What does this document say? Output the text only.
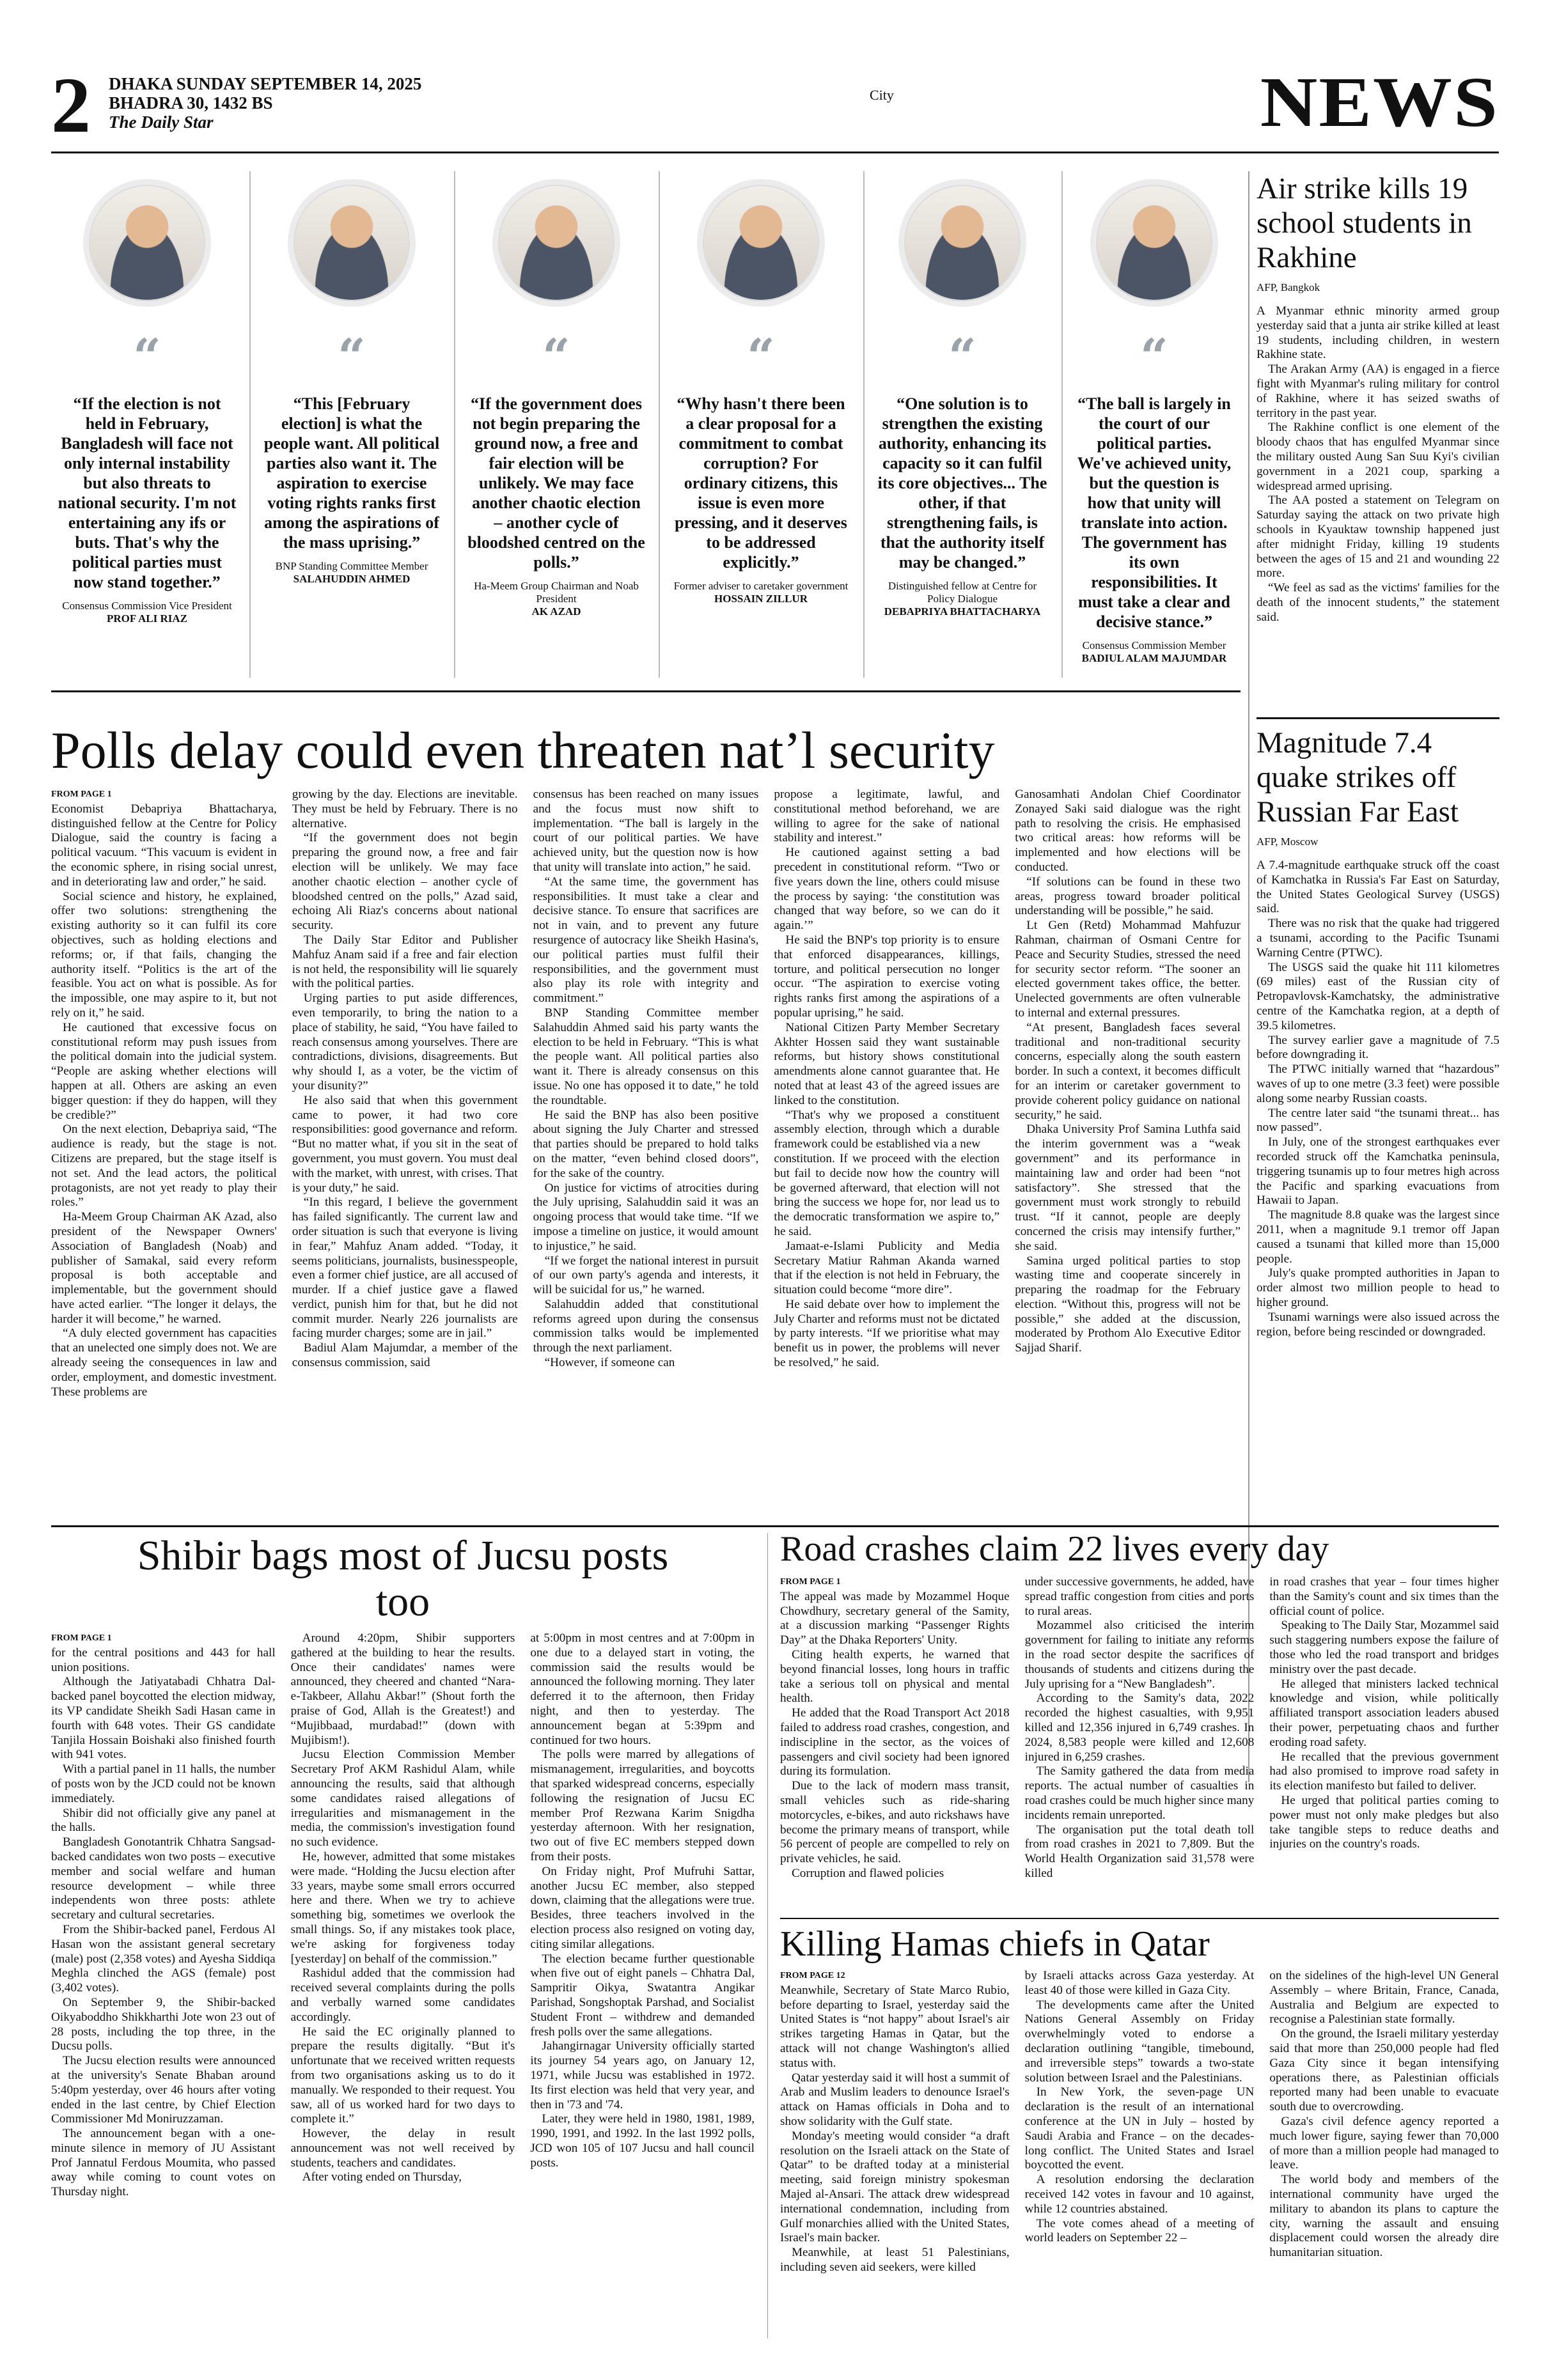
2 DHAKA SUNDAY SEPTEMBER 14, 2025
BHADRA 30, 1432 BS
The Daily Star
City	NEWS
“
“If the election is not held in February, Bangladesh will face not only internal instability but also threats to national security. I'm not entertaining any ifs or buts. That's why the political parties must now stand together.”
Consensus Commission Vice President
PROF ALI RIAZ
“
“This [February election] is what the people want. All political parties also want it. The aspiration to exercise voting rights ranks first among the aspirations of the mass uprising.”
BNP Standing Committee Member
SALAHUDDIN AHMED
“
“If the government does not begin preparing the ground now, a free and fair election will be unlikely. We may face another chaotic election – another cycle of bloodshed centred on the polls.”
Ha-Meem Group Chairman and Noab President
AK AZAD
“
“Why hasn't there been a clear proposal for a commitment to combat corruption? For ordinary citizens, this issue is even more pressing, and it deserves to be addressed explicitly.”
Former adviser to caretaker government
HOSSAIN ZILLUR
“
“One solution is to strengthen the existing authority, enhancing its capacity so it can fulfil its core objectives... The other, if that strengthening fails, is that the authority itself may be changed.”
Distinguished fellow at Centre for Policy Dialogue
DEBAPRIYA BHATTACHARYA
“
“The ball is largely in the court of our political parties. We've achieved unity, but the question is how that unity will translate into action. The government has its own responsibilities. It must take a clear and decisive stance.”
Consensus Commission Member
BADIUL ALAM MAJUMDAR
Air strike kills 19 school students in Rakhine
AFP, Bangkok

A Myanmar ethnic minority armed group yesterday said that a junta air strike killed at least 19 students, including children, in western Rakhine state.

The Arakan Army (AA) is engaged in a fierce fight with Myanmar's ruling military for control of Rakhine, where it has seized swaths of territory in the past year.

The Rakhine conflict is one element of the bloody chaos that has engulfed Myanmar since the military ousted Aung San Suu Kyi's civilian government in a 2021 coup, sparking a widespread armed uprising.

The AA posted a statement on Telegram on Saturday saying the attack on two private high schools in Kyauktaw township happened just after midnight Friday, killing 19 students between the ages of 15 and 21 and wounding 22 more.

“We feel as sad as the victims' families for the death of the innocent students,” the statement said.

Magnitude 7.4 quake strikes off Russian Far East
AFP, Moscow

A 7.4-magnitude earthquake struck off the coast of Kamchatka in Russia's Far East on Saturday, the United States Geological Survey (USGS) said.

There was no risk that the quake had triggered a tsunami, according to the Pacific Tsunami Warning Centre (PTWC).

The USGS said the quake hit 111 kilometres (69 miles) east of the Russian city of Petropavlovsk-Kamchatsky, the administrative centre of the Kamchatka region, at a depth of 39.5 kilometres.

The survey earlier gave a magnitude of 7.5 before downgrading it.

The PTWC initially warned that “hazardous” waves of up to one metre (3.3 feet) were possible along some nearby Russian coasts.

The centre later said “the tsunami threat... has now passed”.

In July, one of the strongest earthquakes ever recorded struck off the Kamchatka peninsula, triggering tsunamis up to four metres high across the Pacific and sparking evacuations from Hawaii to Japan.

The magnitude 8.8 quake was the largest since 2011, when a magnitude 9.1 tremor off Japan caused a tsunami that killed more than 15,000 people.

July's quake prompted authorities in Japan to order almost two million people to head to higher ground.

Tsunami warnings were also issued across the region, before being rescinded or downgraded.

Polls delay could even threaten nat’l security
FROM PAGE 1

Economist Debapriya Bhattacharya, distinguished fellow at the Centre for Policy Dialogue, said the country is facing a political vacuum. “This vacuum is evident in the economic sphere, in rising social unrest, and in deteriorating law and order,” he said.

Social science and history, he explained, offer two solutions: strengthening the existing authority so it can fulfil its core objectives, such as holding elections and reforms; or, if that fails, changing the authority itself. “Politics is the art of the feasible. You act on what is possible. As for the impossible, one may aspire to it, but not rely on it,” he said.

He cautioned that excessive focus on constitutional reform may push issues from the political domain into the judicial system. “People are asking whether elections will happen at all. Others are asking an even bigger question: if they do happen, will they be credible?”

On the next election, Debapriya said, “The audience is ready, but the stage is not. Citizens are prepared, but the stage itself is not set. And the lead actors, the political protagonists, are not yet ready to play their roles.”

Ha-Meem Group Chairman AK Azad, also president of the Newspaper Owners' Association of Bangladesh (Noab) and publisher of Samakal, said every reform proposal is both acceptable and implementable, but the government should have acted earlier. “The longer it delays, the harder it will become,” he warned.

“A duly elected government has capacities that an unelected one simply does not. We are already seeing the consequences in law and order, employment, and domestic investment. These problems are

growing by the day. Elections are inevitable. They must be held by February. There is no alternative.

“If the government does not begin preparing the ground now, a free and fair election will be unlikely. We may face another chaotic election – another cycle of bloodshed centred on the polls,” Azad said, echoing Ali Riaz's concerns about national security.

The Daily Star Editor and Publisher Mahfuz Anam said if a free and fair election is not held, the responsibility will lie squarely with the political parties.

Urging parties to put aside differences, even temporarily, to bring the nation to a place of stability, he said, “You have failed to reach consensus among yourselves. There are contradictions, divisions, disagreements. But why should I, as a voter, be the victim of your disunity?”

He also said that when this government came to power, it had two core responsibilities: good governance and reform. “But no matter what, if you sit in the seat of government, you must govern. You must deal with the market, with unrest, with crises. That is your duty,” he said.

“In this regard, I believe the government has failed significantly. The current law and order situation is such that everyone is living in fear,” Mahfuz Anam added. “Today, it seems politicians, journalists, businesspeople, even a former chief justice, are all accused of murder. If a chief justice gave a flawed verdict, punish him for that, but he did not commit murder. Nearly 226 journalists are facing murder charges; some are in jail.”

Badiul Alam Majumdar, a member of the consensus commission, said

consensus has been reached on many issues and the focus must now shift to implementation. “The ball is largely in the court of our political parties. We have achieved unity, but the question now is how that unity will translate into action,” he said.

“At the same time, the government has responsibilities. It must take a clear and decisive stance. To ensure that sacrifices are not in vain, and to prevent any future resurgence of autocracy like Sheikh Hasina's, our political parties must fulfil their responsibilities, and the government must also play its role with integrity and commitment.”

BNP Standing Committee member Salahuddin Ahmed said his party wants the election to be held in February. “This is what the people want. All political parties also want it. There is already consensus on this issue. No one has opposed it to date,” he told the roundtable.

He said the BNP has also been positive about signing the July Charter and stressed that parties should be prepared to hold talks on the matter, “even behind closed doors”, for the sake of the country.

On justice for victims of atrocities during the July uprising, Salahuddin said it was an ongoing process that would take time. “If we impose a timeline on justice, it would amount to injustice,” he said.

“If we forget the national interest in pursuit of our own party's agenda and interests, it will be suicidal for us,” he warned.

Salahuddin added that constitutional reforms agreed upon during the consensus commission talks would be implemented through the next parliament.

“However, if someone can

propose a legitimate, lawful, and constitutional method beforehand, we are willing to agree for the sake of national stability and interest.”

He cautioned against setting a bad precedent in constitutional reform. “Two or five years down the line, others could misuse the process by saying: ‘the constitution was changed that way before, so we can do it again.’”

He said the BNP's top priority is to ensure that enforced disappearances, killings, torture, and political persecution no longer occur. “The aspiration to exercise voting rights ranks first among the aspirations of a popular uprising,” he said.

National Citizen Party Member Secretary Akhter Hossen said they want sustainable reforms, but history shows constitutional amendments alone cannot guarantee that. He noted that at least 43 of the agreed issues are linked to the constitution.

“That's why we proposed a constituent assembly election, through which a durable framework could be established via a new

constitution. If we proceed with the election but fail to decide now how the country will be governed afterward, that election will not bring the success we hope for, nor lead us to the democratic transformation we aspire to,” he said.

Jamaat-e-Islami Publicity and Media Secretary Matiur Rahman Akanda warned that if the election is not held in February, the situation could become “more dire”.

He said debate over how to implement the July Charter and reforms must not be dictated by party interests. “If we prioritise what may benefit us in power, the problems will never be resolved,” he said.

Ganosamhati Andolan Chief Coordinator Zonayed Saki said dialogue was the right path to resolving the crisis. He emphasised two critical areas: how reforms will be implemented and how elections will be conducted.

“If solutions can be found in these two areas, progress toward broader political understanding will be possible,” he said.

Lt Gen (Retd) Mohammad Mahfuzur Rahman, chairman of Osmani Centre for Peace and Security Studies, stressed the need for security sector reform. “The sooner an elected government takes office, the better. Unelected governments are often vulnerable to internal and external pressures.

“At present, Bangladesh faces several traditional and non-traditional security concerns, especially along the south eastern border. In such a context, it becomes difficult for an interim or caretaker government to provide coherent policy guidance on national security,” he said.

Dhaka University Prof Samina Luthfa said the interim government was a “weak government” and its performance in maintaining law and order had been “not satisfactory”. She stressed that the government must work strongly to rebuild trust. “If it cannot, people are deeply concerned the crisis may intensify further,” she said.

Samina urged political parties to stop wasting time and cooperate sincerely in preparing the roadmap for the February election. “Without this, progress will not be possible,” she added at the discussion, moderated by Prothom Alo Executive Editor Sajjad Sharif.

Shibir bags most of Jucsu posts too
FROM PAGE 1

for the central positions and 443 for hall union positions.

Although the Jatiyatabadi Chhatra Dal-backed panel boycotted the election midway, its VP candidate Sheikh Sadi Hasan came in fourth with 648 votes. Their GS candidate Tanjila Hossain Boishaki also finished fourth with 941 votes.

With a partial panel in 11 halls, the number of posts won by the JCD could not be known immediately.

Shibir did not officially give any panel at the halls.

Bangladesh Gonotantrik Chhatra Sangsad-backed candidates won two posts – executive member and social welfare and human resource development – while three independents won three posts: athlete secretary and cultural secretaries.

From the Shibir-backed panel, Ferdous Al Hasan won the assistant general secretary (male) post (2,358 votes) and Ayesha Siddiqa Meghla clinched the AGS (female) post (3,402 votes).

On September 9, the Shibir-backed Oikyaboddho Shikkharthi Jote won 23 out of 28 posts, including the top three, in the Ducsu polls.

The Jucsu election results were announced at the university's Senate Bhaban around 5:40pm yesterday, over 46 hours after voting ended in the last centre, by Chief Election Commissioner Md Moniruzzaman.

The announcement began with a one-minute silence in memory of JU Assistant Prof Jannatul Ferdous Moumita, who passed away while coming to count votes on Thursday night.

Around 4:20pm, Shibir supporters gathered at the building to hear the results. Once their candidates' names were announced, they cheered and chanted “Nara-e-Takbeer, Allahu Akbar!” (Shout forth the praise of God, Allah is the Greatest!) and “Mujibbaad, murdabad!” (down with Mujibism!).

Jucsu Election Commission Member Secretary Prof AKM Rashidul Alam, while announcing the results, said that although some candidates raised allegations of irregularities and mismanagement in the media, the commission's investigation found no such evidence.

He, however, admitted that some mistakes were made. “Holding the Jucsu election after 33 years, maybe some small errors occurred here and there. When we try to achieve something big, sometimes we overlook the small things. So, if any mistakes took place, we're asking for forgiveness today [yesterday] on behalf of the commission.”

Rashidul added that the commission had received several complaints during the polls and verbally warned some candidates accordingly.

He said the EC originally planned to prepare the results digitally. “But it's unfortunate that we received written requests from two organisations asking us to do it manually. We responded to their request. You saw, all of us worked hard for two days to complete it.”

However, the delay in result announcement was not well received by students, teachers and candidates.

After voting ended on Thursday,

at 5:00pm in most centres and at 7:00pm in one due to a delayed start in voting, the commission said the results would be announced the following morning. They later deferred it to the afternoon, then Friday night, and then to yesterday. The announcement began at 5:39pm and continued for two hours.

The polls were marred by allegations of mismanagement, irregularities, and boycotts that sparked widespread concerns, especially following the resignation of Jucsu EC member Prof Rezwana Karim Snigdha yesterday afternoon. With her resignation, two out of five EC members stepped down from their posts.

On Friday night, Prof Mufruhi Sattar, another Jucsu EC member, also stepped down, claiming that the allegations were true. Besides, three teachers involved in the election process also resigned on voting day, citing similar allegations.

The election became further questionable when five out of eight panels – Chhatra Dal, Sampritir Oikya, Swatantra Angikar Parishad, Songshoptak Parshad, and Socialist Student Front – withdrew and demanded fresh polls over the same allegations.

Jahangirnagar University officially started its journey 54 years ago, on January 12, 1971, while Jucsu was established in 1972. Its first election was held that very year, and then in '73 and '74.

Later, they were held in 1980, 1981, 1989, 1990, 1991, and 1992. In the last 1992 polls, JCD won 105 of 107 Jucsu and hall council posts.

Road crashes claim 22 lives every day
FROM PAGE 1

The appeal was made by Mozammel Hoque Chowdhury, secretary general of the Samity, at a discussion marking “Passenger Rights Day” at the Dhaka Reporters' Unity.

Citing health experts, he warned that beyond financial losses, long hours in traffic take a serious toll on physical and mental health.

He added that the Road Transport Act 2018 failed to address road crashes, congestion, and indiscipline in the sector, as the voices of passengers and civil society had been ignored during its formulation.

Due to the lack of modern mass transit, small vehicles such as ride-sharing motorcycles, e-bikes, and auto rickshaws have become the primary means of transport, while 56 percent of people are compelled to rely on private vehicles, he said.

Corruption and flawed policies

under successive governments, he added, have spread traffic congestion from cities and ports to rural areas.

Mozammel also criticised the interim government for failing to initiate any reforms in the road sector despite the sacrifices of thousands of students and citizens during the July uprising for a “New Bangladesh”.

According to the Samity's data, 2022 recorded the highest casualties, with 9,951 killed and 12,356 injured in 6,749 crashes. In 2024, 8,583 people were killed and 12,608 injured in 6,259 crashes.

The Samity gathered the data from media reports. The actual number of casualties in road crashes could be much higher since many incidents remain unreported.

The organisation put the total death toll from road crashes in 2021 to 7,809. But the World Health Organization said 31,578 were killed

in road crashes that year – four times higher than the Samity's count and six times than the official count of police.

Speaking to The Daily Star, Mozammel said such staggering numbers expose the failure of those who led the road transport and bridges ministry over the past decade.

He alleged that ministers lacked technical knowledge and vision, while politically affiliated transport association leaders abused their power, perpetuating chaos and further eroding road safety.

He recalled that the previous government had also promised to improve road safety in its election manifesto but failed to deliver.

He urged that political parties coming to power must not only make pledges but also take tangible steps to reduce deaths and injuries on the country's roads.

Killing Hamas chiefs in Qatar
FROM PAGE 12

Meanwhile, Secretary of State Marco Rubio, before departing to Israel, yesterday said the United States is “not happy” about Israel's air strikes targeting Hamas in Qatar, but the attack will not change Washington's allied status with.

Qatar yesterday said it will host a summit of Arab and Muslim leaders to denounce Israel's attack on Hamas officials in Doha and to show solidarity with the Gulf state.

Monday's meeting would consider “a draft resolution on the Israeli attack on the State of Qatar” to be drafted today at a ministerial meeting, said foreign ministry spokesman Majed al-Ansari. The attack drew widespread international condemnation, including from Gulf monarchies allied with the United States, Israel's main backer.

Meanwhile, at least 51 Palestinians, including seven aid seekers, were killed

by Israeli attacks across Gaza yesterday. At least 40 of those were killed in Gaza City.

The developments came after the United Nations General Assembly on Friday overwhelmingly voted to endorse a declaration outlining “tangible, timebound, and irreversible steps” towards a two-state solution between Israel and the Palestinians.

In New York, the seven-page UN declaration is the result of an international conference at the UN in July – hosted by Saudi Arabia and France – on the decades-long conflict. The United States and Israel boycotted the event.

A resolution endorsing the declaration received 142 votes in favour and 10 against, while 12 countries abstained.

The vote comes ahead of a meeting of world leaders on September 22 –

on the sidelines of the high-level UN General Assembly – where Britain, France, Canada, Australia and Belgium are expected to recognise a Palestinian state formally.

On the ground, the Israeli military yesterday said that more than 250,000 people had fled Gaza City since it began intensifying operations there, as Palestinian officials reported many had been unable to evacuate south due to overcrowding.

Gaza's civil defence agency reported a much lower figure, saying fewer than 70,000 of more than a million people had managed to leave.

The world body and members of the international community have urged the military to abandon its plans to capture the city, warning the assault and ensuing displacement could worsen the already dire humanitarian situation.
